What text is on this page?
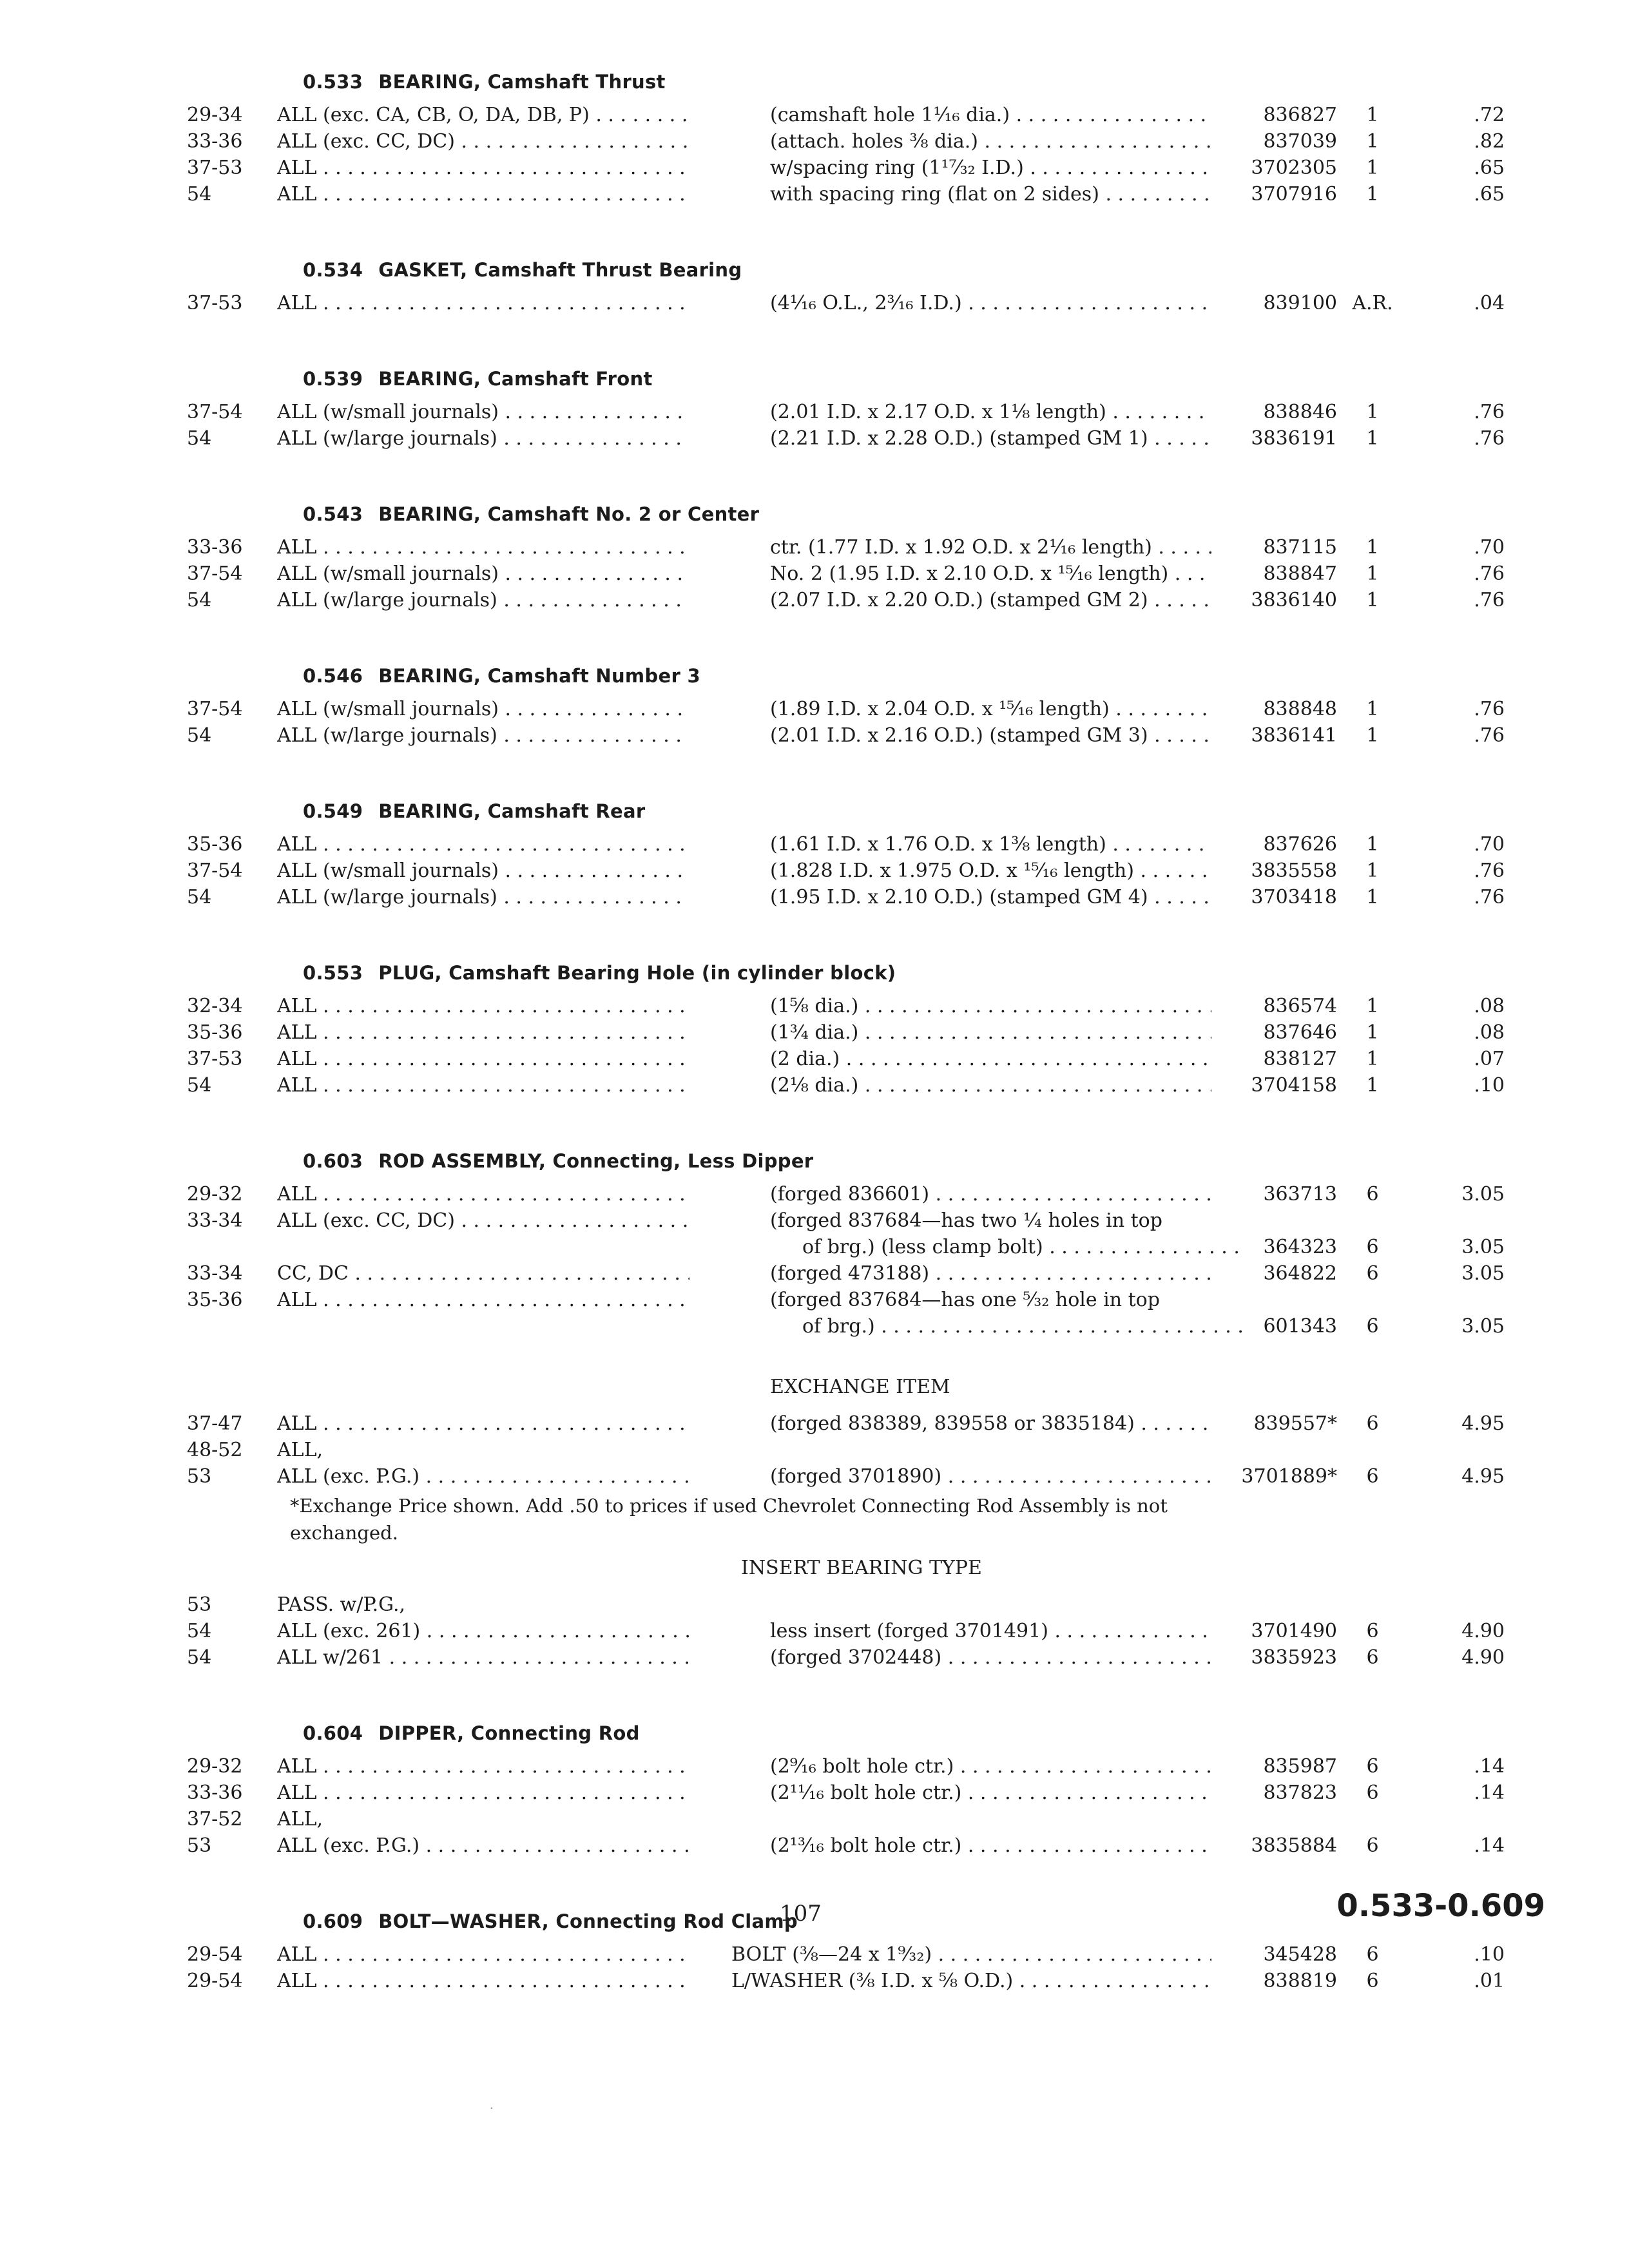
0.533 BEARING, Camshaft Thrust
29-34	ALL (exc. CA, CB, O, DA, DB, P) . . .	(camshaft hole 1¹⁄₁₆ dia.) . . .	836827	1	.72
33-36	ALL (exc. CC, DC) . . .	(attach. holes ⅜ dia.) . . .	837039	1	.82
37-53	ALL . . .	w/spacing ring (1¹⁷⁄₃₂ I.D.) . . .	3702305	1	.65
54	ALL . . .	with spacing ring (flat on 2 sides) . . .	3707916	1	.65
0.534 GASKET, Camshaft Thrust Bearing
37-53	ALL . . .	(4¹⁄₁₆ O.L., 2³⁄₁₆ I.D.) . . .	839100 A.R.	.04
0.539 BEARING, Camshaft Front
37-54	ALL (w/small journals) . . .	(2.01 I.D. x 2.17 O.D. x 1⅛ length) . . .	838846	1	.76
54	ALL (w/large journals) . . .	(2.21 I.D. x 2.28 O.D.) (stamped GM 1) . . .	3836191	1	.76
0.543 BEARING, Camshaft No. 2 or Center
33-36	ALL . . .	ctr. (1.77 I.D. x 1.92 O.D. x 2¹⁄₁₆ length) . . .	837115	1	.70
37-54	ALL (w/small journals) . . .	No. 2 (1.95 I.D. x 2.10 O.D. x ¹⁵⁄₁₆ length) . . .	838847	1	.76
54	ALL (w/large journals) . . .	(2.07 I.D. x 2.20 O.D.) (stamped GM 2) . . .	3836140	1	.76
0.546 BEARING, Camshaft Number 3
37-54	ALL (w/small journals) . . .	(1.89 I.D. x 2.04 O.D. x ¹⁵⁄₁₆ length) . . .	838848	1	.76
54	ALL (w/large journals) . . .	(2.01 I.D. x 2.16 O.D.) (stamped GM 3) . . .	3836141	1	.76
0.549 BEARING, Camshaft Rear
35-36	ALL . . .	(1.61 I.D. x 1.76 O.D. x 1⅜ length) . . .	837626	1	.70
37-54	ALL (w/small journals) . . .	(1.828 I.D. x 1.975 O.D. x ¹⁵⁄₁₆ length) . . .	3835558	1	.76
54	ALL (w/large journals) . . .	(1.95 I.D. x 2.10 O.D.) (stamped GM 4) . . .	3703418	1	.76
0.553 PLUG, Camshaft Bearing Hole (in cylinder block)
32-34	ALL . . .	(1⅝ dia.) . . .	836574	1	.08
35-36	ALL . . .	(1¾ dia.) . . .	837646	1	.08
37-53	ALL . . .	(2 dia.) . . .	838127	1	.07
54	ALL . . .	(2⅛ dia.) . . .	3704158	1	.10
0.603 ROD ASSEMBLY, Connecting, Less Dipper
29-32	ALL . . .	(forged 836601) . . .	363713	6	3.05
33-34	ALL (exc. CC, DC) . . .	(forged 837684—has two ¼ holes in top
of brg.) (less clamp bolt) . . .	364323	6	3.05
33-34	CC, DC . . .	(forged 473188) . . .	364822	6	3.05
35-36	ALL . . .	(forged 837684—has one ⁵⁄₃₂ hole in top
of brg.) . . .	601343	6	3.05
EXCHANGE ITEM
37-47	ALL . . .	(forged 838389, 839558 or 3835184) . . .	839557*	6	4.95
48-52	ALL,
53	ALL (exc. P.G.) . . .	(forged 3701890) . . .	3701889*	6	4.95
*Exchange Price shown. Add .50 to prices if used Chevrolet Connecting Rod Assembly is not exchanged.
INSERT BEARING TYPE
53	PASS. w/P.G.,
54	ALL (exc. 261) . . .	less insert (forged 3701491) . . .	3701490	6	4.90
54	ALL w/261 . . .	(forged 3702448) . . .	3835923	6	4.90
0.604 DIPPER, Connecting Rod
29-32	ALL . . .	(2⁹⁄₁₆ bolt hole ctr.) . . .	835987	6	.14
33-36	ALL . . .	(2¹¹⁄₁₆ bolt hole ctr.) . . .	837823	6	.14
37-52	ALL,
53	ALL (exc. P.G.) . . .	(2¹³⁄₁₆ bolt hole ctr.) . . .	3835884	6	.14
0.609 BOLT—WASHER, Connecting Rod Clamp
29-54	ALL . . .	BOLT (⅜—24 x 1⁹⁄₃₂) . . .	345428	6	.10
29-54	ALL . . .	L/WASHER (⅜ I.D. x ⅝ O.D.) . . .	838819	6	.01
107	0.533-0.609
·
